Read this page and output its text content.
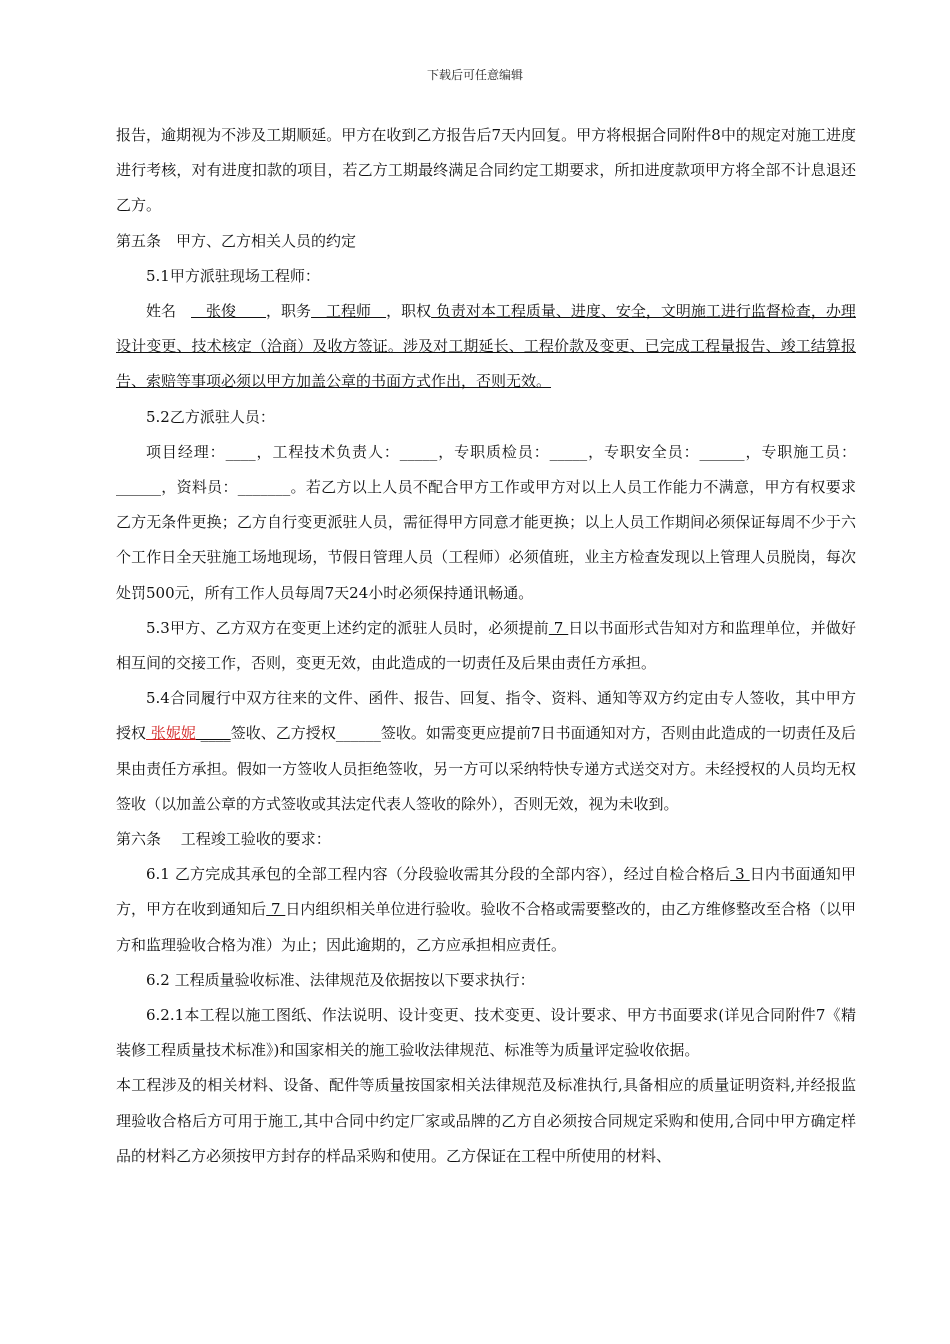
下载后可任意编辑

报告，逾期视为不涉及工期顺延。甲方在收到乙方报告后7天内回复。甲方将根据合同附件8中的规定对施工进度进行考核，对有进度扣款的项目，若乙方工期最终满足合同约定工期要求，所扣进度款项甲方将全部不计息退还乙方。

第五条　甲方、乙方相关人员的约定

5.1甲方派驻现场工程师：

姓名　　张俊　　，职务　工程师　，职权 负责对本工程质量、进度、安全，文明施工进行监督检查，办理设计变更、技术核定（洽商）及收方签证。涉及对工期延长、工程价款及变更、已完成工程量报告、竣工结算报告、索赔等事项必须以甲方加盖公章的书面方式作出，否则无效。

5.2乙方派驻人员：

项目经理：____，工程技术负责人：_____，专职质检员：_____，专职安全员：______，专职施工员：______，资料员：_______。若乙方以上人员不配合甲方工作或甲方对以上人员工作能力不满意，甲方有权要求乙方无条件更换；乙方自行变更派驻人员，需征得甲方同意才能更换；以上人员工作期间必须保证每周不少于六个工作日全天驻施工场地现场，节假日管理人员（工程师）必须值班，业主方检查发现以上管理人员脱岗，每次处罚500元，所有工作人员每周7天24小时必须保持通讯畅通。

5.3甲方、乙方双方在变更上述约定的派驻人员时，必须提前 7 日以书面形式告知对方和监理单位，并做好相互间的交接工作，否则，变更无效，由此造成的一切责任及后果由责任方承担。

5.4合同履行中双方往来的文件、函件、报告、回复、指令、资料、通知等双方约定由专人签收，其中甲方授权 张妮妮 ____签收、乙方授权______签收。如需变更应提前7日书面通知对方，否则由此造成的一切责任及后果由责任方承担。假如一方签收人员拒绝签收，另一方可以采纳特快专递方式送交对方。未经授权的人员均无权签收（以加盖公章的方式签收或其法定代表人签收的除外），否则无效，视为未收到。

第六条　 工程竣工验收的要求：

6.1 乙方完成其承包的全部工程内容（分段验收需其分段的全部内容），经过自检合格后 3 日内书面通知甲方，甲方在收到通知后 7 日内组织相关单位进行验收。验收不合格或需要整改的，由乙方维修整改至合格（以甲方和监理验收合格为准）为止；因此逾期的，乙方应承担相应责任。

6.2 工程质量验收标准、法律规范及依据按以下要求执行：

6.2.1本工程以施工图纸、作法说明、设计变更、技术变更、设计要求、甲方书面要求(详见合同附件7《精装修工程质量技术标准》)和国家相关的施工验收法律规范、标准等为质量评定验收依据。

本工程涉及的相关材料、设备、配件等质量按国家相关法律规范及标准执行,具备相应的质量证明资料,并经报监理验收合格后方可用于施工,其中合同中约定厂家或品牌的乙方自必须按合同规定采购和使用,合同中甲方确定样品的材料乙方必须按甲方封存的样品采购和使用。乙方保证在工程中所使用的材料、
